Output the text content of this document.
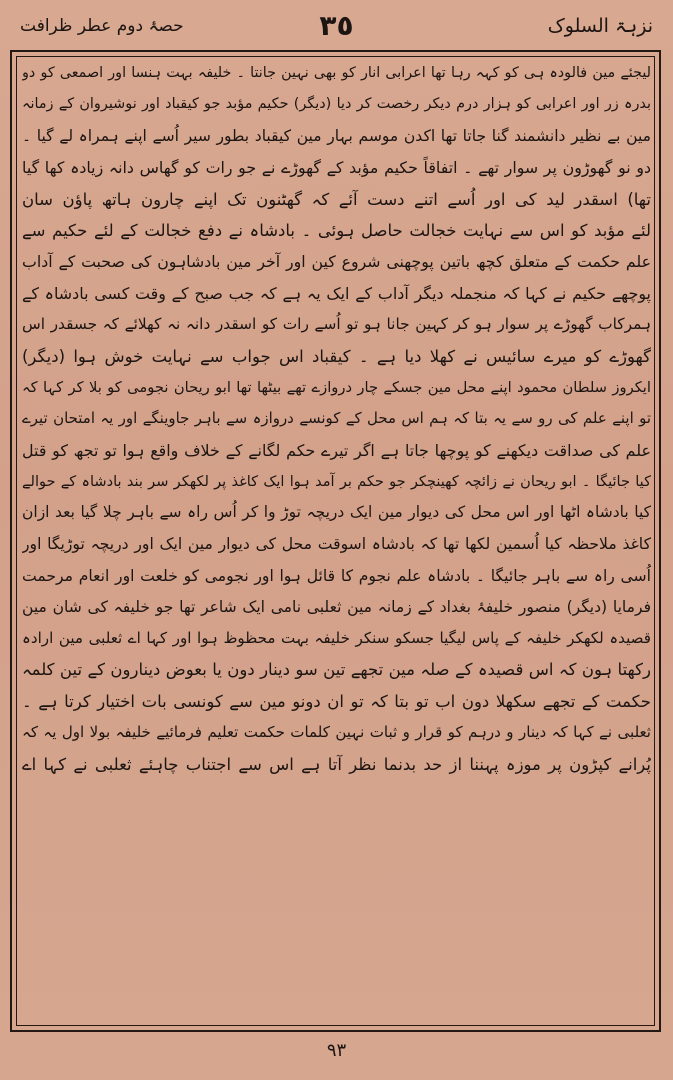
نزہۃ السلوک
٣٥
حصۂ دوم عطر ظرافت
لیجئے مین فالودہ ہی کو کہہ رہا تھا اعرابی انار کو بھی نہین جانتا ۔ خلیفہ بہت ہنسا اور اصمعی کو دو
بدرہ زر اور اعرابی کو ہزار درم دیکر رخصت کر دیا (دیگر) حکیم مؤبد جو کیقباد اور نوشیروان کے زمانہ
مین بے نظیر دانشمند گنا جاتا تھا اکدن موسم بہار مین کیقباد بطور سیر اُسے اپنے ہمراہ لے گیا ۔
دو نو گھوڑون پر سوار تھے ۔ اتفاقاً حکیم مؤبد کے گھوڑے نے جو رات کو گھاس دانہ زیادہ کھا گیا
تھا) اسقدر لید کی اور اُسے اتنے دست آئے کہ گھٹنون تک اپنے چارون ہاتھ پاؤن سان
لئے مؤبد کو اس سے نہایت خجالت حاصل ہوئی ۔ بادشاہ نے دفع خجالت کے لئے حکیم سے
علم حکمت کے متعلق کچھ باتین پوچھنی شروع کین اور آخر مین بادشاہون کی صحبت کے آداب
پوچھے حکیم نے کہا کہ منجملہ دیگر آداب کے ایک یہ ہے کہ جب صبح کے وقت کسی بادشاہ کے
ہمرکاب گھوڑے پر سوار ہو کر کہین جانا ہو تو اُسے رات کو اسقدر دانہ نہ کھلائے کہ جسقدر اس
گھوڑے کو میرے سائیس نے کھلا دیا ہے ۔ کیقباد اس جواب سے نہایت خوش ہوا (دیگر)
ایکروز سلطان محمود اپنے محل مین جسکے چار دروازے تھے بیٹھا تھا ابو ریحان نجومی کو بلا کر کہا کہ
تو اپنے علم کی رو سے یہ بتا کہ ہم اس محل کے کونسے دروازہ سے باہر جاوینگے اور یہ امتحان تیرے
علم کی صداقت دیکھنے کو پوچھا جاتا ہے اگر تیرے حکم لگانے کے خلاف واقع ہوا تو تجھ کو قتل
کیا جائیگا ۔ ابو ریحان نے زائچہ کھینچکر جو حکم بر آمد ہوا ایک کاغذ پر لکھکر سر بند بادشاہ کے حوالے
کیا بادشاہ اٹھا اور اس محل کی دیوار مین ایک دریچہ توڑ وا کر اُس راہ سے باہر چلا گیا بعد ازان
کاغذ ملاحظہ کیا اُسمین لکھا تھا کہ بادشاہ اسوقت محل کی دیوار مین ایک اور دریچہ توڑیگا اور
اُسی راہ سے باہر جائیگا ۔ بادشاہ علم نجوم کا قائل ہوا اور نجومی کو خلعت اور انعام مرحمت
فرمایا (دیگر) منصور خلیفۂ بغداد کے زمانہ مین ثعلبی نامی ایک شاعر تھا جو خلیفہ کی شان مین
قصیدہ لکھکر خلیفہ کے پاس لیگیا جسکو سنکر خلیفہ بہت محظوظ ہوا اور کہا اے ثعلبی مین ارادہ
رکھتا ہون کہ اس قصیدہ کے صلہ مین تجھے تین سو دینار دون یا بعوض دینارون کے تین کلمہ
حکمت کے تجھے سکھلا دون اب تو بتا کہ تو ان دونو مین سے کونسی بات اختیار کرتا ہے ۔
ثعلبی نے کہا کہ دینار و درہم کو قرار و ثبات نہین کلمات حکمت تعلیم فرمائیے خلیفہ بولا اول یہ کہ
پُرانے کپڑون پر موزہ پہننا از حد بدنما نظر آتا ہے اس سے اجتناب چاہئے ثعلبی نے کہا اے
٩٣
